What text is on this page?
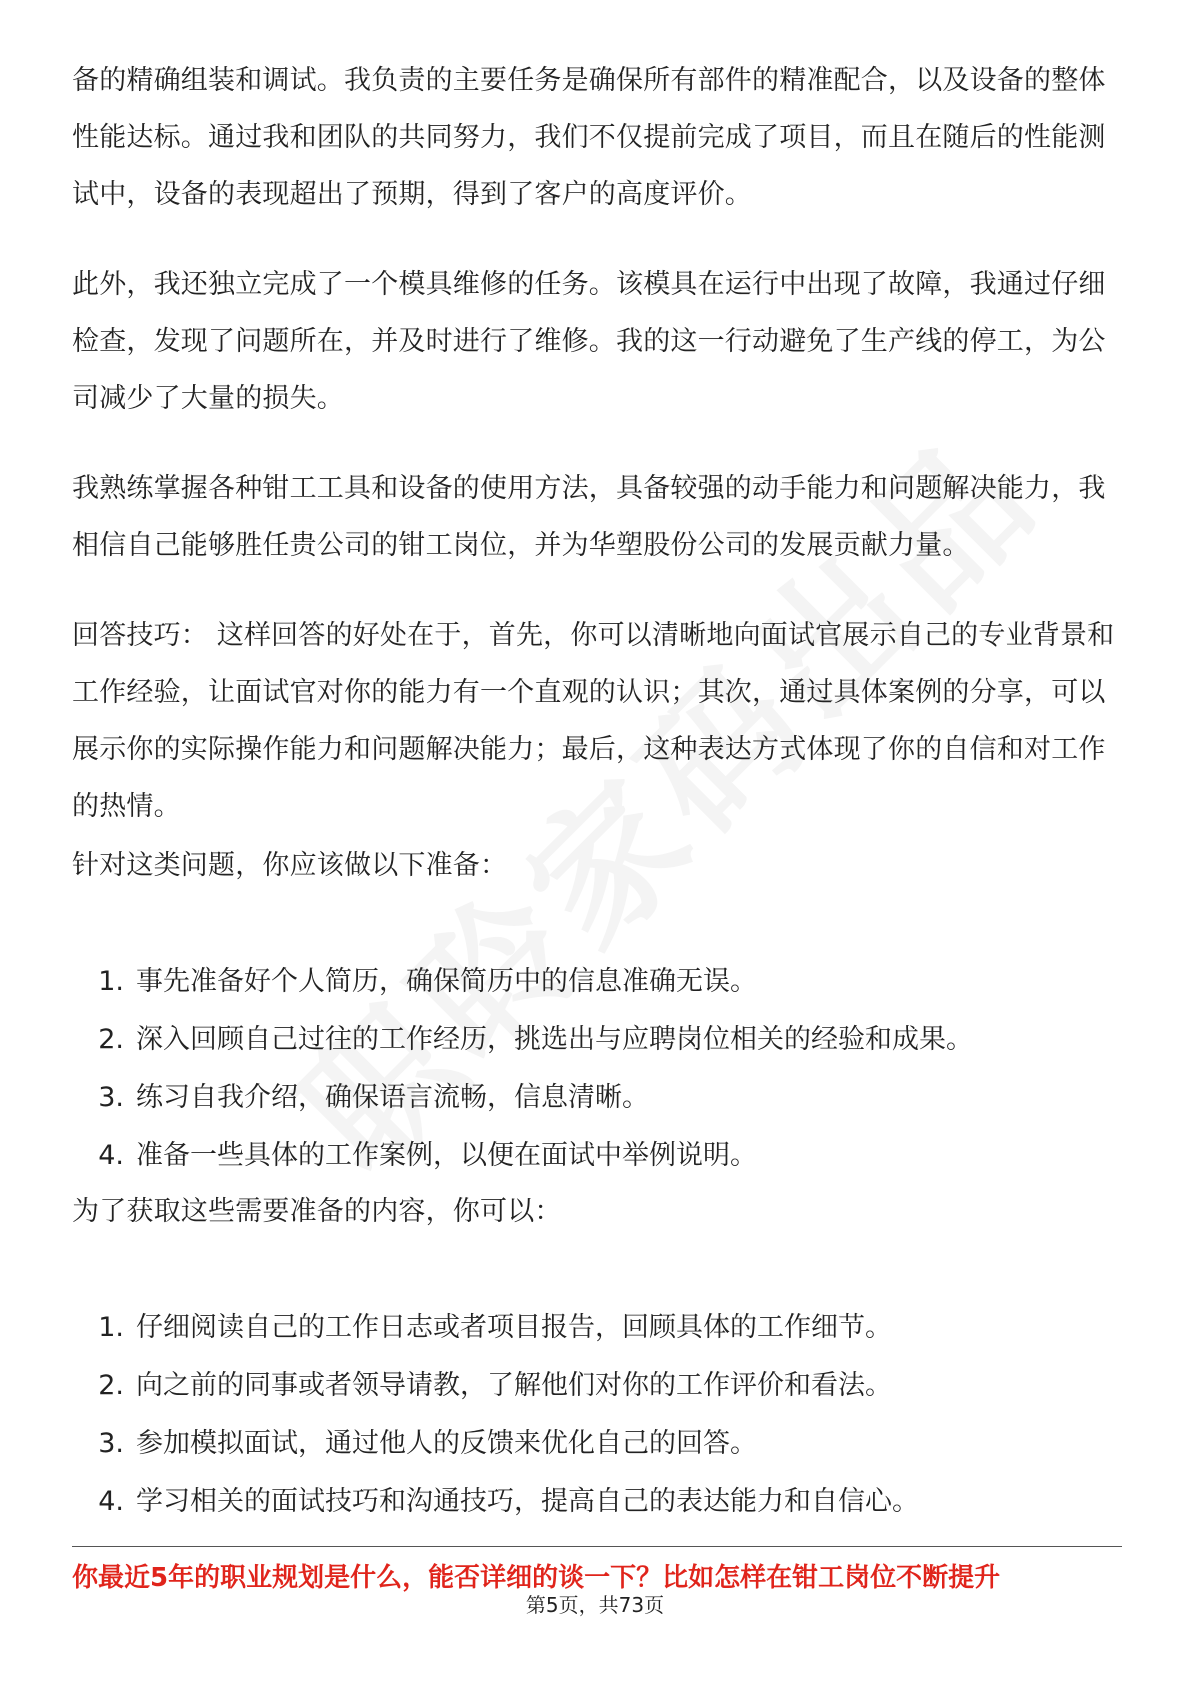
备的精确组装和调试。我负责的主要任务是确保所有部件的精准配合，以及设备的整体性能达标。通过我和团队的共同努力，我们不仅提前完成了项目，而且在随后的性能测试中，设备的表现超出了预期，得到了客户的高度评价。

此外，我还独立完成了一个模具维修的任务。该模具在运行中出现了故障，我通过仔细检查，发现了问题所在，并及时进行了维修。我的这一行动避免了生产线的停工，为公司减少了大量的损失。

我熟练掌握各种钳工工具和设备的使用方法，具备较强的动手能力和问题解决能力，我相信自己能够胜任贵公司的钳工岗位，并为华塑股份公司的发展贡献力量。

回答技巧： 这样回答的好处在于，首先，你可以清晰地向面试官展示自己的专业背景和工作经验，让面试官对你的能力有一个直观的认识；其次，通过具体案例的分享，可以展示你的实际操作能力和问题解决能力；最后，这种表达方式体现了你的自信和对工作的热情。

针对这类问题，你应该做以下准备：

1. 事先准备好个人简历，确保简历中的信息准确无误。
2. 深入回顾自己过往的工作经历，挑选出与应聘岗位相关的经验和成果。
3. 练习自我介绍，确保语言流畅，信息清晰。
4. 准备一些具体的工作案例，以便在面试中举例说明。

为了获取这些需要准备的内容，你可以：

1. 仔细阅读自己的工作日志或者项目报告，回顾具体的工作细节。
2. 向之前的同事或者领导请教，了解他们对你的工作评价和看法。
3. 参加模拟面试，通过他人的反馈来优化自己的回答。
4. 学习相关的面试技巧和沟通技巧，提高自己的表达能力和自信心。

你最近5年的职业规划是什么，能否详细的谈一下？比如怎样在钳工岗位不断提升

第5页，共73页
